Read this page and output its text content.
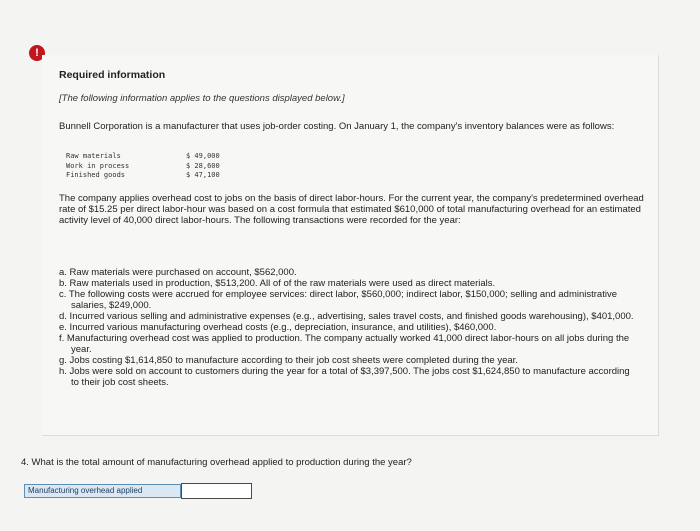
!
Required information
[The following information applies to the questions displayed below.]
Bunnell Corporation is a manufacturer that uses job-order costing. On January 1, the company's inventory balances were as follows:
Raw materials	$ 49,000
Work in process	$ 28,600
Finished goods	$ 47,100
The company applies overhead cost to jobs on the basis of direct labor-hours. For the current year, the company's predetermined overhead rate of $15.25 per direct labor-hour was based on a cost formula that estimated $610,000 of total manufacturing overhead for an estimated activity level of 40,000 direct labor-hours. The following transactions were recorded for the year:
a. Raw materials were purchased on account, $562,000.
b. Raw materials used in production, $513,200. All of of the raw materials were used as direct materials.
c. The following costs were accrued for employee services: direct labor, $560,000; indirect labor, $150,000; selling and administrative salaries, $249,000.
d. Incurred various selling and administrative expenses (e.g., advertising, sales travel costs, and finished goods warehousing), $401,000.
e. Incurred various manufacturing overhead costs (e.g., depreciation, insurance, and utilities), $460,000.
f. Manufacturing overhead cost was applied to production. The company actually worked 41,000 direct labor-hours on all jobs during the year.
g. Jobs costing $1,614,850 to manufacture according to their job cost sheets were completed during the year.
h. Jobs were sold on account to customers during the year for a total of $3,397,500. The jobs cost $1,624,850 to manufacture according to their job cost sheets.
4. What is the total amount of manufacturing overhead applied to production during the year?
Manufacturing overhead applied
